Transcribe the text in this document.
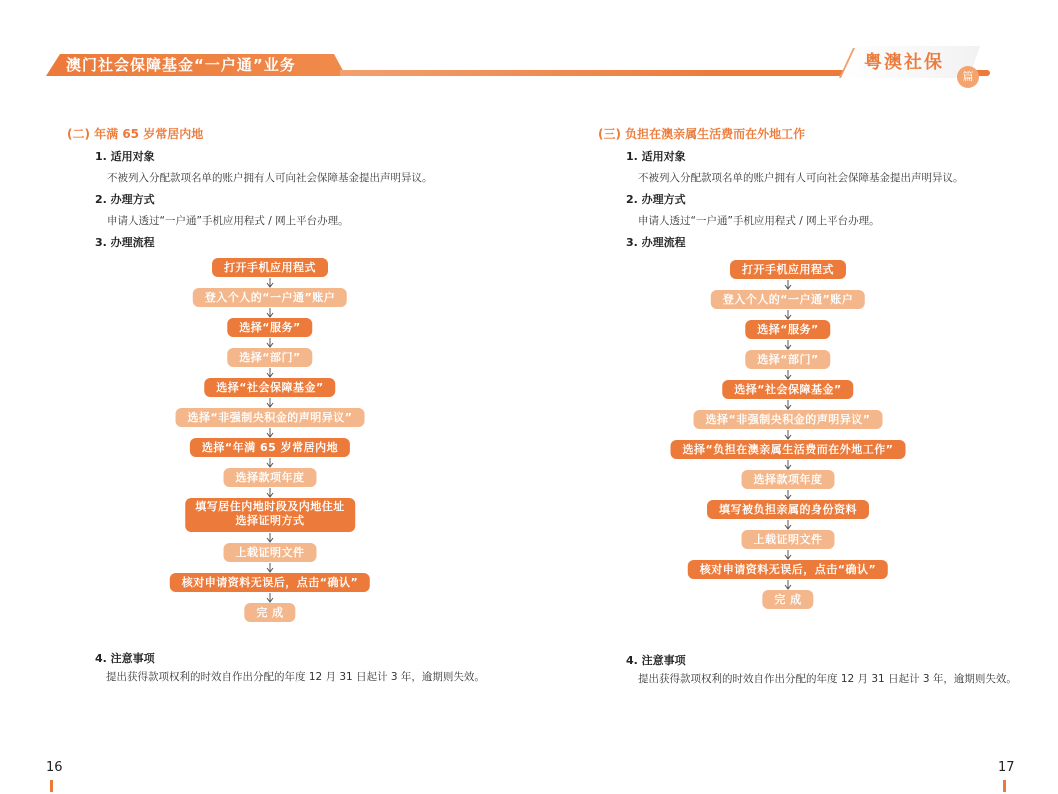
澳门社会保障基金“一户通”业务	粤澳社保
篇

(二) 年满 65 岁常居内地

1. 适用对象
不被列入分配款项名单的账户拥有人可向社会保障基金提出声明异议。
2. 办理方式
申请人透过“一户通”手机应用程式 / 网上平台办理。
3. 办理流程
打开手机应用程式
登入个人的“一户通”账户
选择“服务”
选择“部门”
选择“社会保障基金”
选择“非强制央积金的声明异议”
选择“年满 65 岁常居内地
选择款项年度
填写居住内地时段及内地住址
选择证明方式
上载证明文件
核对申请资料无误后，点击“确认”
完 成
4. 注意事项
提出获得款项权利的时效自作出分配的年度 12 月 31 日起计 3 年，逾期则失效。
16

(三) 负担在澳亲属生活费而在外地工作

1. 适用对象
不被列入分配款项名单的账户拥有人可向社会保障基金提出声明异议。
2. 办理方式
申请人透过“一户通”手机应用程式 / 网上平台办理。
3. 办理流程
打开手机应用程式
登入个人的“一户通”账户
选择“服务”
选择“部门”
选择“社会保障基金”
选择“非强制央积金的声明异议”
选择“负担在澳亲属生活费而在外地工作”
选择款项年度
填写被负担亲属的身份资料
上载证明文件
核对申请资料无误后，点击“确认”
完 成
4. 注意事项
提出获得款项权利的时效自作出分配的年度 12 月 31 日起计 3 年，逾期则失效。
17
